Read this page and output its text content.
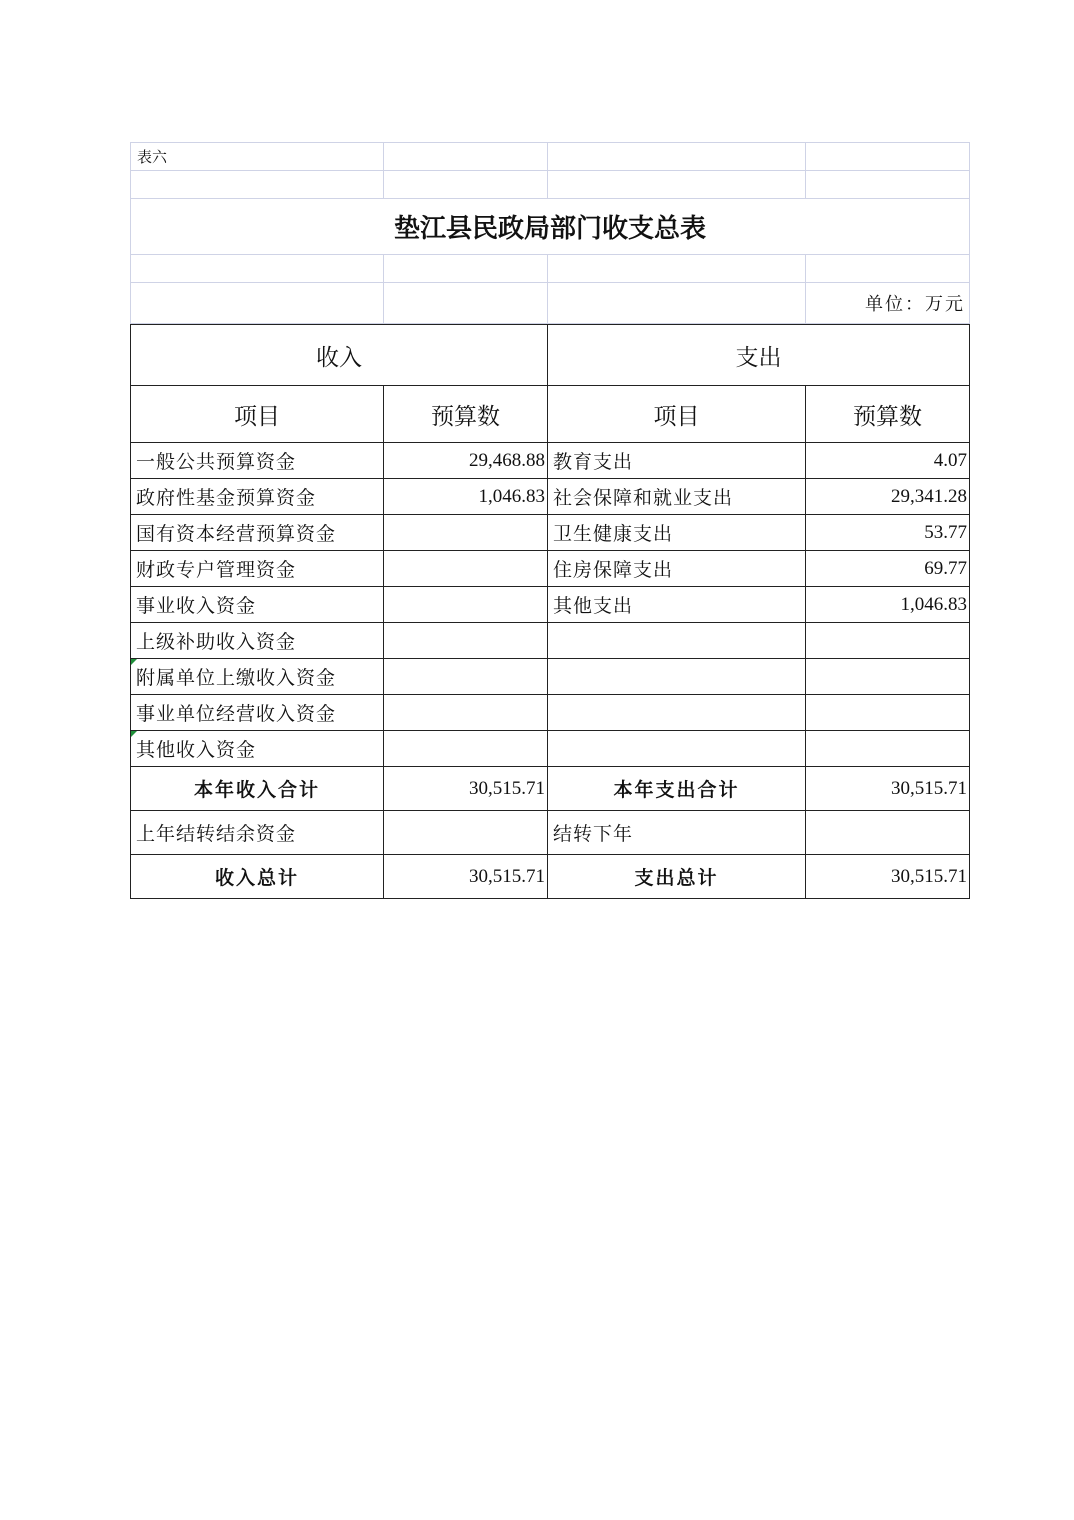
表六			

垫江县民政局部门收支总表			

			单位：万元
收入		支出	
项目	预算数	项目	预算数
一般公共预算资金	29,468.88	教育支出	4.07
政府性基金预算资金	1,046.83	社会保障和就业支出	29,341.28
国有资本经营预算资金		卫生健康支出	53.77
财政专户管理资金		住房保障支出	69.77
事业收入资金		其他支出	1,046.83
上级补助收入资金			
附属单位上缴收入资金			
事业单位经营收入资金			
其他收入资金			
本年收入合计	30,515.71	本年支出合计	30,515.71
上年结转结余资金		结转下年	
收入总计	30,515.71	支出总计	30,515.71
